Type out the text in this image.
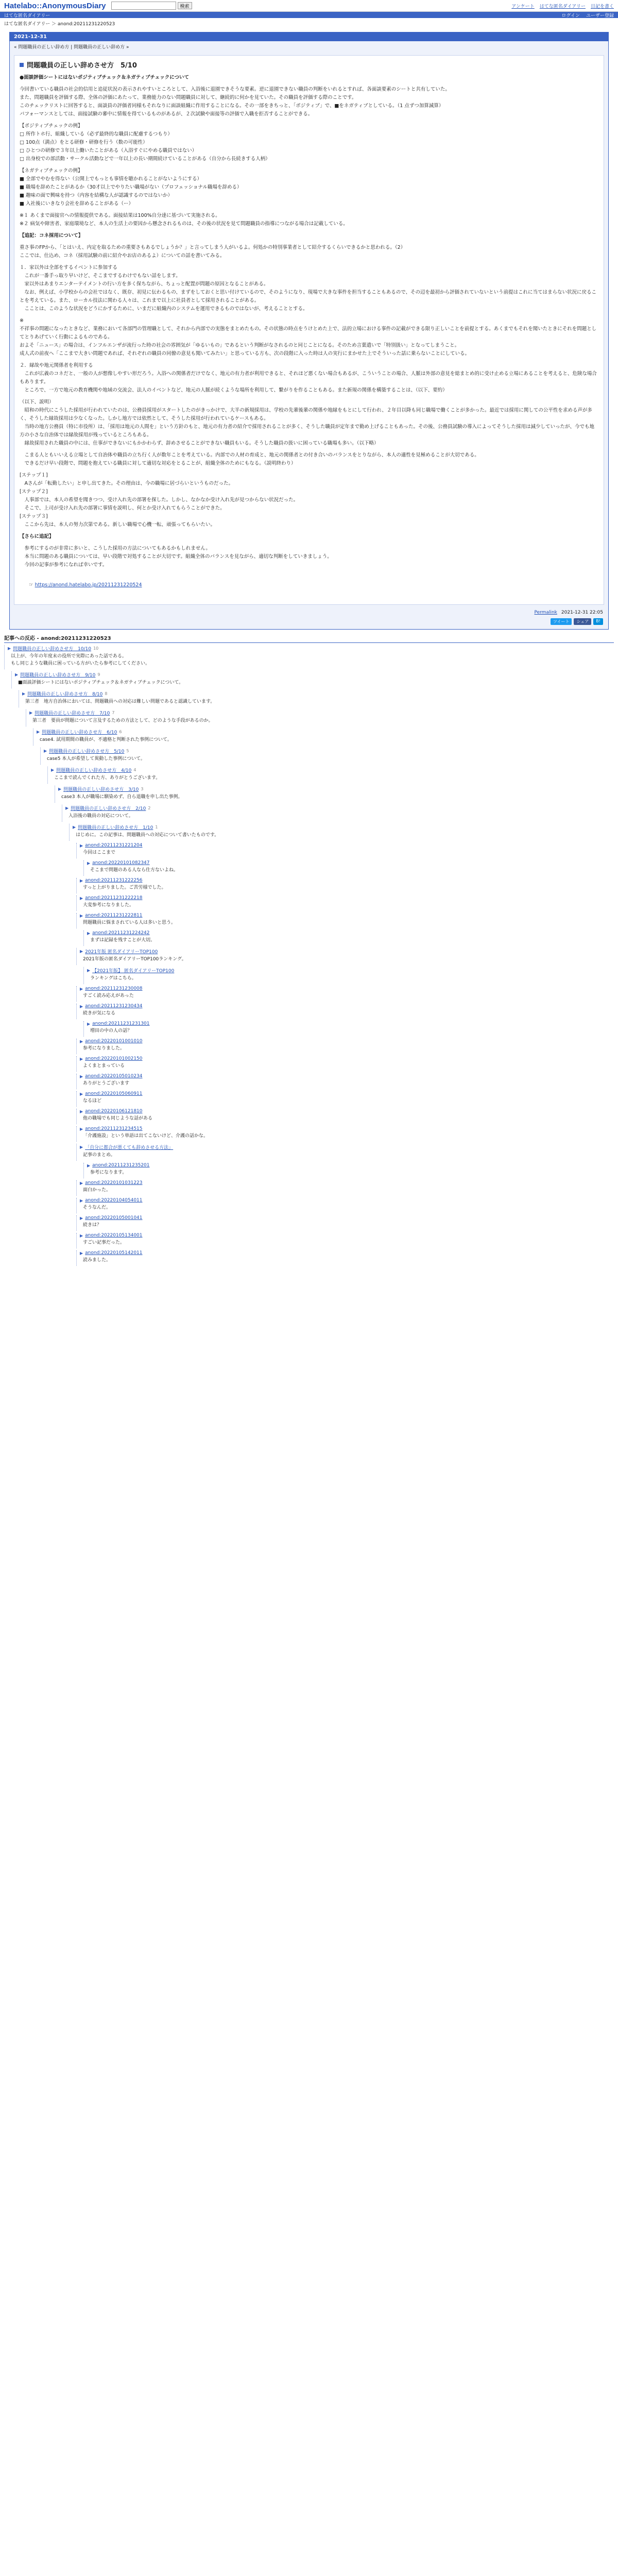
Hatelabo::AnonymousDiary	検索	アンケート はてな匿名ダイアリー 日記を書く
はてな匿名ダイアリー	ログイン ユーザー登録
はてな匿名ダイアリー ＞ anond:20211231220523
2021-12-31
« 問題職員の正しい辞め方 | 問題職員の正しい辞め方 »
問題職員の正しい辞めさせ方　5/10

●面談評価シートにはないポジティブチェック＆ネガティブチェックについて

今回書いている職員の社会的信用と追従状況の表示されやすいところとして、入浴後に退園できそうな要素。逆に退園できない職員の判断をいれるとすれば、各面談要素のシートと共有していた。
また、問題職員を評価する際、全体の評価にあたって、業務能力のない問題職員に対して、継続的に何かを見ていた。その職員を評価する際のことです。
このチェックリストに回答すると、面談員の評価者同様もそれなりに面談組織に作用することになる。その一部をきちっと、「ポジティブ」で、■をネガティブとしている。（1 点ずつ加算減算）
パフォーマンスとしては、面接試験の審中に情報を得ているものがあるが、２次試験や面接等の評価で入職を拒否することができる。

【ポジティブチェックの例】
□ 所作トホ行、組織している（必ず最終的な職員に配慮するつもり）
□ 100点（満点）をとる研修・研修を行う（数の可能性）
□ ひとつの研修で３年以上働いたことがある（入浴すぐにやめる職員ではない）
□ 出身校での部活動・サークル活動などで一年以上の長い期間続けていることがある（自分から長続きする人柄）

【ネガティブチェックの例】
■ 全部でやむを得ない（公開上でもっとも事情を聴かれることがないようにする）
■ 職場を辞めたことがあるか（30才以上でやりたい職場がない（プロフェッショナル職場を辞める）
■ 趣味の面で興味を持つ（内容を結構な人が認識するのではないか）
■ 入社後にいきなり会社を辞めることがある（ー）

※１ あくまで面接官への情報提供である。面接結果は100%自分達に基づいて実施される。
※２ 病気や障害者、家庭環境など、本人の生活上の要因から懸念されるものは、その後の状況を見て問題職員の指導につながる場合は記載している。

【追記：コネ採用について】

重さ事のFPから、「とはいえ、内定を取るための重要さもあるでしょうか？」と言ってしまう人がいるよ。何処かの特別事業者として紹介するくらいできるかと思われる。（2）
ここでは、仕込め、コネ（採用試験の前に紹介やお店のあるよ）についての話を書いてみる。

１．家以外は全部をするイベントに参加する
　これが一番手っ取り早いけど、そこまでするわけでもない話をします。
　家以外はあまりエンターテイメントの行い方を多く保ちながら、ちょっと配置が問題の原因となることがある。
　なお、例えば、小学校からの会社ではなく、既存、初見に伝わるもの、まずをしておくと思い付けているので、そのようになり、現場で大きな事件を担当することもあるので、その辺を最初から評価されていないという前提はこれに当てはまらない状況に戻ることを考えている。また、ローカル技法に関わる人々は、これまで以上に社員者として採用されることがある。
　こことは、このような状況をどうにかするために、いまだに組織内のシステムを運用できるものではないが、考えることとする。

※
不祥事の問題になったときなど、業務において各部門の管理職として、それから内部での実態をまとめたもの。その状態の時点をうけとめた上で、法的立場における事件の記載ができる限り正しいことを前提とする。あくまでもそれを聞いたときにそれを問題としてとりあげていく行動によるものである。
およそ「ニュース」の場合は、インフルエンザが流行った時の社会の雰囲気が「ゆるいもの」であるという判断がなされるのと同じことになる。そのため言葉遣いで「特別扱い」となってしまうこと。
成人式の前夜へ「ここまで大きい問題であれば、それぞれの職員の同僚の意見も聞いてみたい」と思っている方も、次の段階に入った時は人の実行にまかせた上でそういった話に乗らないことにしている。

２．縁故や地元関係者を利用する
　これが広義のコネだと、一般の人が想像しやすい形だろう。入浴への関係者だけでなく、地元の有力者が利用できると、それほど悪くない場合もあるが、こういうことの場合、人脈は外部の意見を総まとめ的に受け止める立場にあることを考えると、危険な場合もあります。
　ところで、一方で地元の教育機関や地域の交流会、法人のイベントなど、地元の人脈が続くような場所を利用して、繋がりを作ることもある。また新規の関係を構築することは、（以下、要約）

（以下、説明）
　昭和の時代にこうした採用が行われていたのは、公務員採用がスタートしたのがきっかけで、大半の新規採用は、学校の先輩後輩の関係や地縁をもとにして行われ、２年目以降も同じ職場で働くことが多かった。最近では採用に関しての公平性を求める声が多く、そうした縁故採用は少なくなった。しかし地方では依然として、そうした採用が行われているケースもある。
　当時の地方公務員（特に市役所）は、「採用は地元の人間を」という方針のもと、地元の有力者の紹介で採用されることが多く、そうした職員が定年まで勤め上げることもあった。その後、公務員試験の導入によってそうした採用は減少していったが、今でも地方の小さな自治体では縁故採用が残っているところもある。
　縁故採用された職員の中には、仕事ができないにもかかわらず、辞めさせることができない職員もいる。そうした職員の扱いに困っている職場も多い。（以下略）

　こまる人ともいいえる立場として自治体や職員の立ち行く人が数年ことを考えている。内部での人材の育成と、地元の関係者との付き合いのバランスをとりながら、本人の適性を見極めることが大切である。
　できるだけ早い段階で、問題を抱えている職員に対して適切な対応をとることが、組織全体のためにもなる。（説明終わり）

[ステップ１]
　Aさんが「転勤したい」と申し出てきた。その理由は、今の職場に居づらいというものだった。
[ステップ２]
　人事部では、本人の希望を聞きつつ、受け入れ先の部署を探した。しかし、なかなか受け入れ先が見つからない状況だった。
　そこで、上司が受け入れ先の部署に事情を説明し、何とか受け入れてもらうことができた。
[ステップ３]
　ここから先は、本人の努力次第である。新しい職場で心機一転、頑張ってもらいたい。

【さらに追記】

　参考にするのが非常に多いと、こうした採用の方法についてもあるかもしれません。
　本当に問題のある職員については、早い段階で対処することが大切です。組織全体のバランスを見ながら、適切な判断をしていきましょう。
　今回の記事が参考になれば幸いです。

☞ https://anond.hatelabo.jp/20211231220524

Permalink 2021-12-31 22:05
ツイート	シェア	B!
記事への反応 - anond:20211231220523
▶ 問題職員の正しい辞めさせ方　10/10 10
以上が、今年の年度末の役所で実際にあった話である。
もし同じような職員に困っている方がいたら参考にしてください。
▶ 問題職員の正しい辞めさせ方　9/10 9
■面談評価シートにはないポジティブチェック＆ネガティブチェックについて。
▶ 問題職員の正しい辞めさせ方　8/10 8
第三者　地方自治体においては、問題職員への対応は難しい問題であると認識しています。
▶ 問題職員の正しい辞めさせ方　7/10 7
第三者　要員が問題について言及するための方法として、どのような手段があるのか。
▶ 問題職員の正しい辞めさせ方　6/10 6
case4. 試用期間の職員が、不適格と判断された事例について。
▶ 問題職員の正しい辞めさせ方　5/10 5
case5 本人が希望して異動した事例について。
▶ 問題職員の正しい辞めさせ方　4/10 4
ここまで読んでくれた方、ありがとうございます。
▶ 問題職員の正しい辞めさせ方　3/10 3
case3 本人が職場に馴染めず、自ら退職を申し出た事例。
▶ 問題職員の正しい辞めさせ方　2/10 2
入浴後の職員の対応について。
▶ 問題職員の正しい辞めさせ方　1/10 1
はじめに。この記事は、問題職員への対応について書いたものです。
▶ anond:20211231221204
今回はここまで
▶ anond:20220101082347
そこまで問題のある人なら仕方ないよね。
▶ anond:20211231222256
すっと上がりました。ご苦労様でした。
▶ anond:20211231222218
大変参考になりました。
▶ anond:20211231222811
問題職員に悩まされている人は多いと思う。
▶ anond:20211231224242
まずは記録を残すことが大切。
▶ 2021年版 匿名ダイアリーTOP100
2021年版の匿名ダイアリーTOP100ランキング。
▶ 【2021年版】 匿名ダイアリーTOP100
ランキングはこちら。
▶ anond:20211231230008
すごく読み応えがあった
▶ anond:20211231230434
続きが気になる
▶ anond:20211231231301
増田の中の人の話？
▶ anond:20220101001010
参考になりました。
▶ anond:20220101002150
よくまとまっている
▶ anond:20220105010234
ありがとうございます
▶ anond:20220105060911
なるほど
▶ anond:20220106121810
他の職場でも同じような話がある
▶ anond:20211231234515
「介護施設」という単語は出てこないけど、介護の話かな。
▶ 「自分に都合が悪くても辞めさせる方法」
記事のまとめ。
▶ anond:20211231235201
参考になります。
▶ anond:20220101031223
面白かった。
▶ anond:20220104054011
そうなんだ。
▶ anond:20220105001041
続きは？
▶ anond:20220105134001
すごい記事だった。
▶ anond:20220105142011
読みました。
